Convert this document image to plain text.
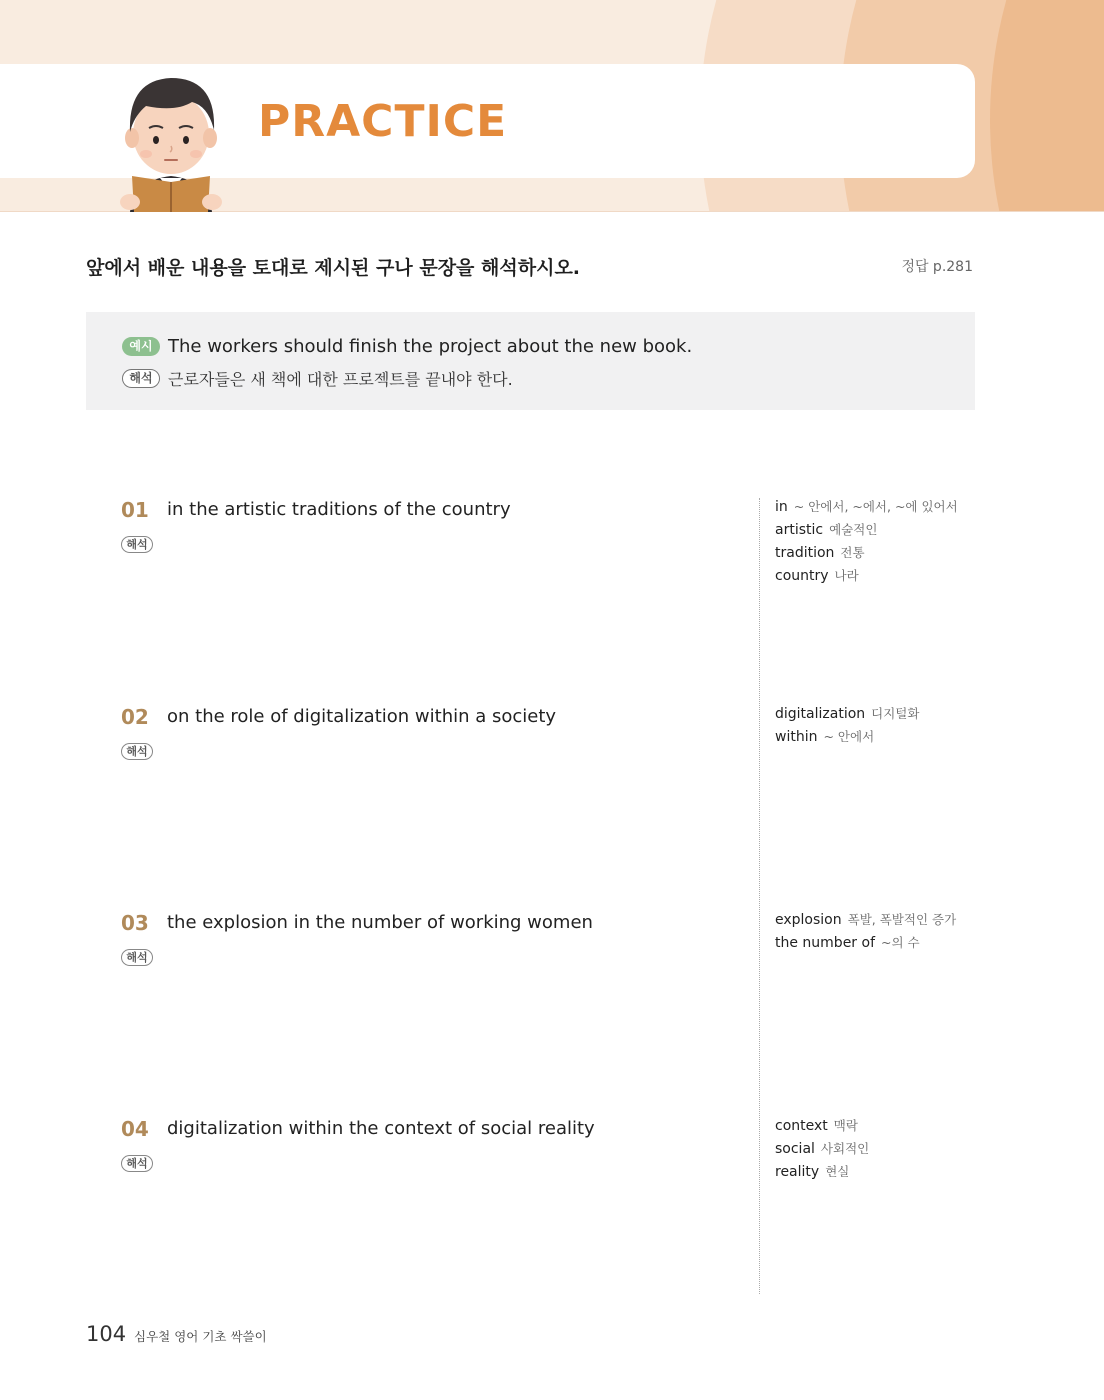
PRACTICE
앞에서 배운 내용을 토대로 제시된 구나 문장을 해석하시오.	정답 p.281
예시 The workers should finish the project about the new book.
해석 근로자들은 새 책에 대한 프로젝트를 끝내야 한다.
01 in the artistic traditions of the country
해석
02 on the role of digitalization within a society
해석
03 the explosion in the number of working women
해석
04 digitalization within the context of social reality
해석
in ~ 안에서, ~에서, ~에 있어서
artistic 예술적인
tradition 전통
country 나라
digitalization 디지털화
within ~ 안에서
explosion 폭발, 폭발적인 증가
the number of ~의 수
context 맥락
social 사회적인
reality 현실
104 심우철 영어 기초 싹쓸이
